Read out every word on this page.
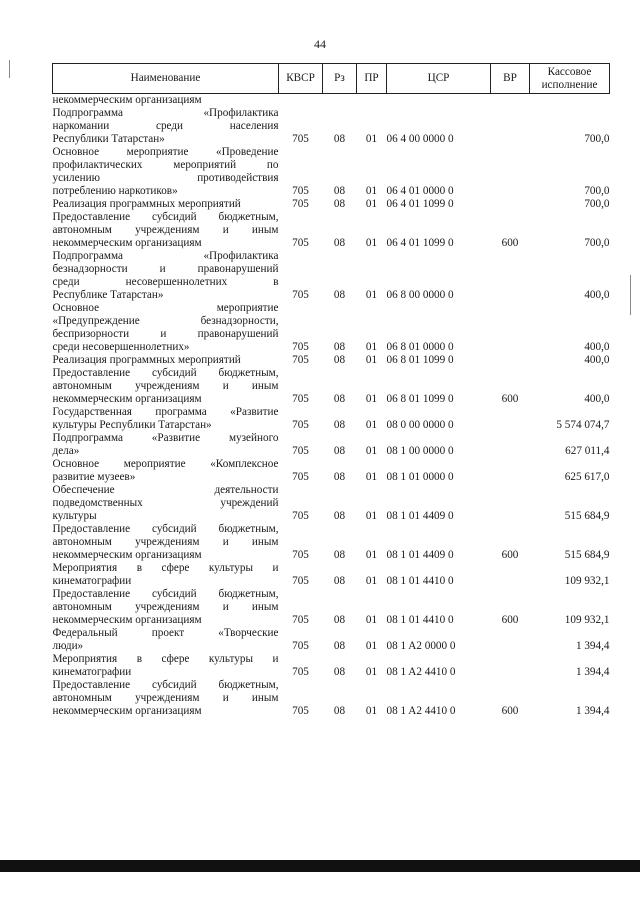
44
Наименование	КВСР	Рз	ПР	ЦСР	ВР	Кассовое исполнение

некоммерческим организациям						

Подпрограмма «Профилактика
наркомании среди населения
Республики Татарстан»	705	08	01	06 4 00 0000 0		700,0

Основное мероприятие «Проведение
профилактических мероприятий по
усилению противодействия
потреблению наркотиков»	705	08	01	06 4 01 0000 0		700,0

Реализация программных мероприятий	705	08	01	06 4 01 1099 0		700,0

Предоставление субсидий бюджетным,
автономным учреждениям и иным
некоммерческим организациям	705	08	01	06 4 01 1099 0	600	700,0

Подпрограмма «Профилактика
безнадзорности и правонарушений
среди несовершеннолетних в
Республике Татарстан»	705	08	01	06 8 00 0000 0		400,0

Основное мероприятие
«Предупреждение безнадзорности,
беспризорности и правонарушений
среди несовершеннолетних»	705	08	01	06 8 01 0000 0		400,0

Реализация программных мероприятий	705	08	01	06 8 01 1099 0		400,0

Предоставление субсидий бюджетным,
автономным учреждениям и иным
некоммерческим организациям	705	08	01	06 8 01 1099 0	600	400,0

Государственная программа «Развитие
культуры Республики Татарстан»	705	08	01	08 0 00 0000 0		5 574 074,7

Подпрограмма «Развитие музейного
дела»	705	08	01	08 1 00 0000 0		627 011,4

Основное мероприятие «Комплексное
развитие музеев»	705	08	01	08 1 01 0000 0		625 617,0

Обеспечение деятельности
подведомственных учреждений
культуры	705	08	01	08 1 01 4409 0		515 684,9

Предоставление субсидий бюджетным,
автономным учреждениям и иным
некоммерческим организациям	705	08	01	08 1 01 4409 0	600	515 684,9

Мероприятия в сфере культуры и
кинематографии	705	08	01	08 1 01 4410 0		109 932,1

Предоставление субсидий бюджетным,
автономным учреждениям и иным
некоммерческим организациям	705	08	01	08 1 01 4410 0	600	109 932,1

Федеральный проект «Творческие
люди»	705	08	01	08 1 A2 0000 0		1 394,4

Мероприятия в сфере культуры и
кинематографии	705	08	01	08 1 A2 4410 0		1 394,4

Предоставление субсидий бюджетным,
автономным учреждениям и иным
некоммерческим организациям	705	08	01	08 1 A2 4410 0	600	1 394,4
